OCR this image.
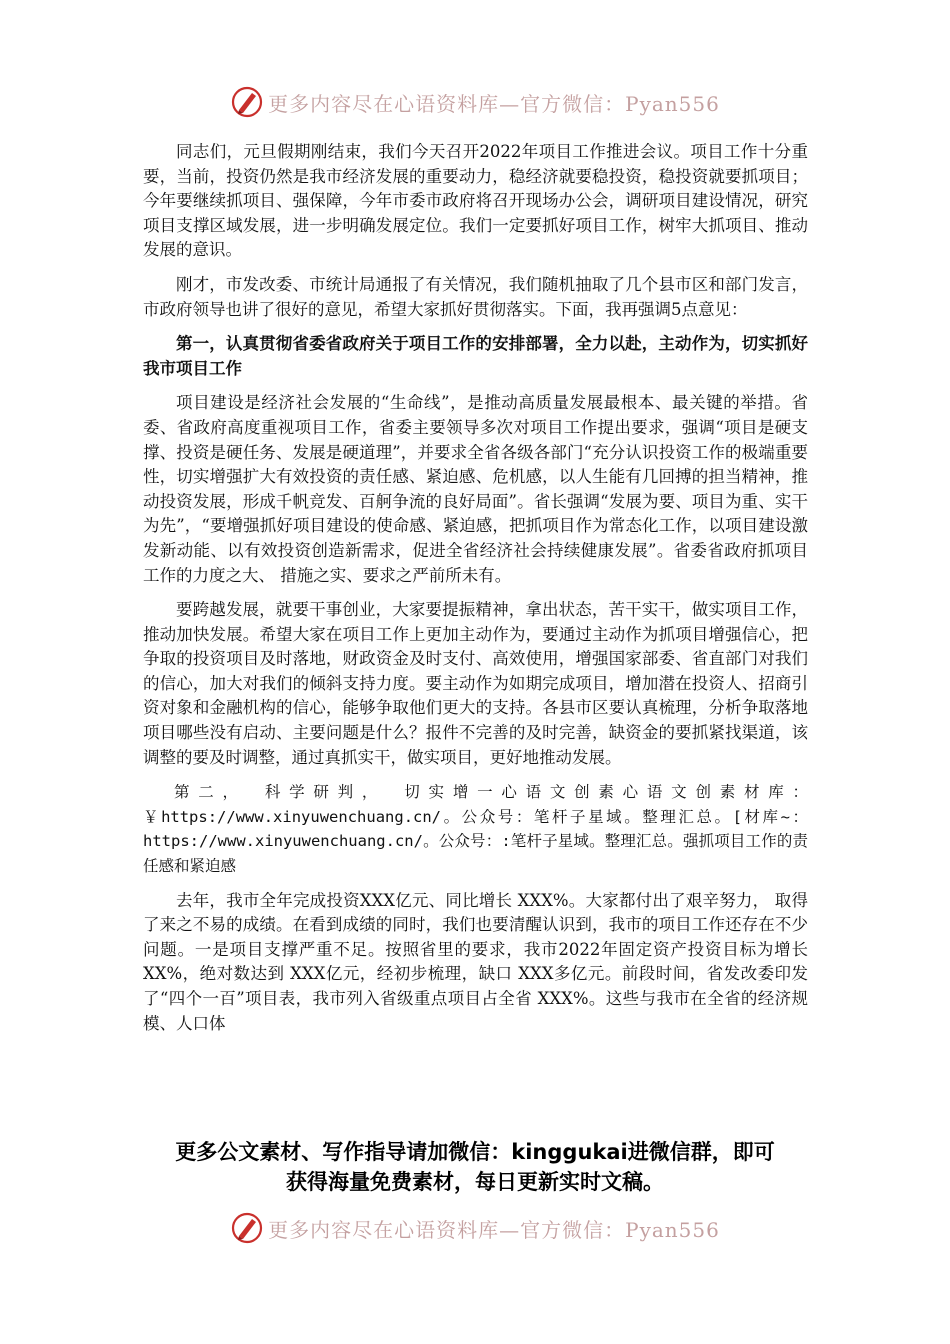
更多内容尽在心语资料库—官方微信：Pyan556

同志们，元旦假期刚结束，我们今天召开2022年项目工作推进会议。项目工作十分重要，当前，投资仍然是我市经济发展的重要动力，稳经济就要稳投资，稳投资就要抓项目；今年要继续抓项目、强保障，今年市委市政府将召开现场办公会，调研项目建设情况，研究项目支撑区域发展，进一步明确发展定位。我们一定要抓好项目工作，树牢大抓项目、推动发展的意识。

刚才，市发改委、市统计局通报了有关情况，我们随机抽取了几个县市区和部门发言，市政府领导也讲了很好的意见，希望大家抓好贯彻落实。下面，我再强调5点意见：

第一，认真贯彻省委省政府关于项目工作的安排部署，全力以赴，主动作为，切实抓好我市项目工作

项目建设是经济社会发展的“生命线”，是推动高质量发展最根本、最关键的举措。省委、省政府高度重视项目工作，省委主要领导多次对项目工作提出要求，强调“项目是硬支撑、投资是硬任务、发展是硬道理”，并要求全省各级各部门“充分认识投资工作的极端重要性，切实增强扩大有效投资的责任感、紧迫感、危机感，以人生能有几回搏的担当精神，推动投资发展，形成千帆竞发、百舸争流的良好局面”。省长强调“发展为要、项目为重、实干为先”，“要增强抓好项目建设的使命感、紧迫感，把抓项目作为常态化工作，以项目建设激发新动能、以有效投资创造新需求，促进全省经济社会持续健康发展”。省委省政府抓项目工作的力度之大、 措施之实、要求之严前所未有。

要跨越发展，就要干事创业，大家要提振精神，拿出状态，苦干实干，做实项目工作，推动加快发展。希望大家在项目工作上更加主动作为，要通过主动作为抓项目增强信心，把争取的投资项目及时落地，财政资金及时支付、高效使用，增强国家部委、省直部门对我们的信心，加大对我们的倾斜支持力度。要主动作为如期完成项目，增加潜在投资人、招商引资对象和金融机构的信心，能够争取他们更大的支持。各县市区要认真梳理，分析争取落地项目哪些没有启动、主要问题是什么？报件不完善的及时完善，缺资金的要抓紧找渠道，该调整的要及时调整，通过真抓实干，做实项目，更好地推动发展。

第二， 科学研判， 切实增一心语文创素心语文创素材库：￥https://www.xinyuwenchuang.cn/。公众号：笔杆子星域。整理汇总。[材库~：https://www.xinyuwenchuang.cn/。公众号：:笔杆子星域。整理汇总。强抓项目工作的责任感和紧迫感

去年，我市全年完成投资XXX亿元、同比增长 XXX%。大家都付出了艰辛努力， 取得了来之不易的成绩。在看到成绩的同时，我们也要清醒认识到，我市的项目工作还存在不少问题。一是项目支撑严重不足。按照省里的要求，我市2022年固定资产投资目标为增长XX%，绝对数达到 XXX亿元，经初步梳理，缺口 XXX多亿元。前段时间，省发改委印发了“四个一百”项目表，我市列入省级重点项目占全省 XXX%。这些与我市在全省的经济规模、人口体

更多公文素材、写作指导请加微信：kinggukai进微信群，即可
获得海量免费素材，每日更新实时文稿。
更多内容尽在心语资料库—官方微信：Pyan556
